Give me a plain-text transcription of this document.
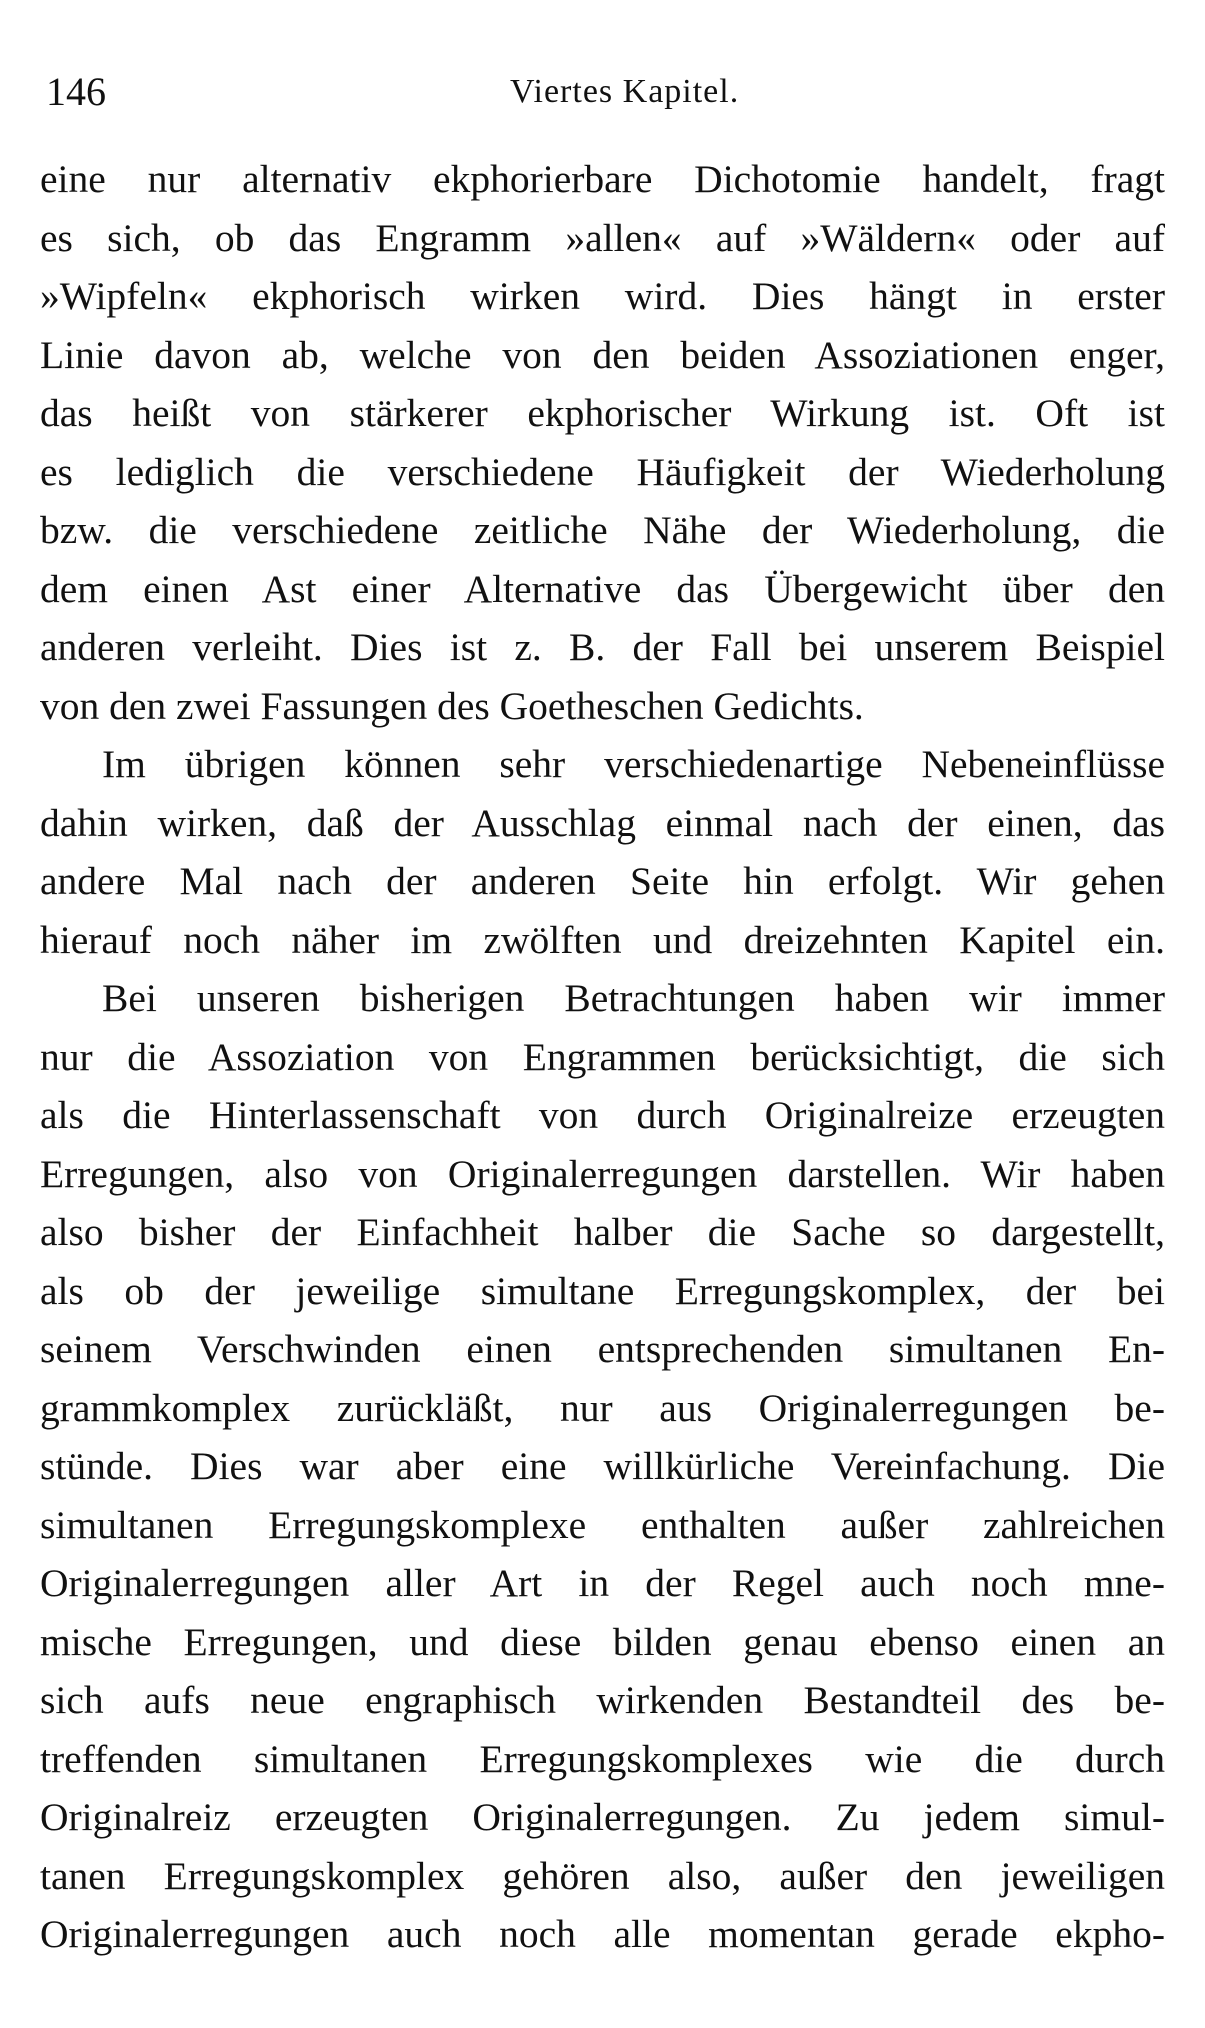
146	Viertes Kapitel.
eine nur alternativ ekphorierbare Dichotomie handelt, fragt
es sich, ob das Engramm »allen« auf »Wäldern« oder auf
»Wipfeln« ekphorisch wirken wird. Dies hängt in erster
Linie davon ab, welche von den beiden Assoziationen enger,
das heißt von stärkerer ekphorischer Wirkung ist. Oft ist
es lediglich die verschiedene Häufigkeit der Wiederholung
bzw. die verschiedene zeitliche Nähe der Wiederholung, die
dem einen Ast einer Alternative das Übergewicht über den
anderen verleiht. Dies ist z. B. der Fall bei unserem Beispiel
von den zwei Fassungen des Goetheschen Gedichts.
Im übrigen können sehr verschiedenartige Nebeneinflüsse
dahin wirken, daß der Ausschlag einmal nach der einen, das
andere Mal nach der anderen Seite hin erfolgt. Wir gehen
hierauf noch näher im zwölften und dreizehnten Kapitel ein.
Bei unseren bisherigen Betrachtungen haben wir immer
nur die Assoziation von Engrammen berücksichtigt, die sich
als die Hinterlassenschaft von durch Originalreize erzeugten
Erregungen, also von Originalerregungen darstellen. Wir haben
also bisher der Einfachheit halber die Sache so dargestellt,
als ob der jeweilige simultane Erregungskomplex, der bei
seinem Verschwinden einen entsprechenden simultanen En-
grammkomplex zurückläßt, nur aus Originalerregungen be-
stünde. Dies war aber eine willkürliche Vereinfachung. Die
simultanen Erregungskomplexe enthalten außer zahlreichen
Originalerregungen aller Art in der Regel auch noch mne-
mische Erregungen, und diese bilden genau ebenso einen an
sich aufs neue engraphisch wirkenden Bestandteil des be-
treffenden simultanen Erregungskomplexes wie die durch
Originalreiz erzeugten Originalerregungen. Zu jedem simul-
tanen Erregungskomplex gehören also, außer den jeweiligen
Originalerregungen auch noch alle momentan gerade ekpho-
